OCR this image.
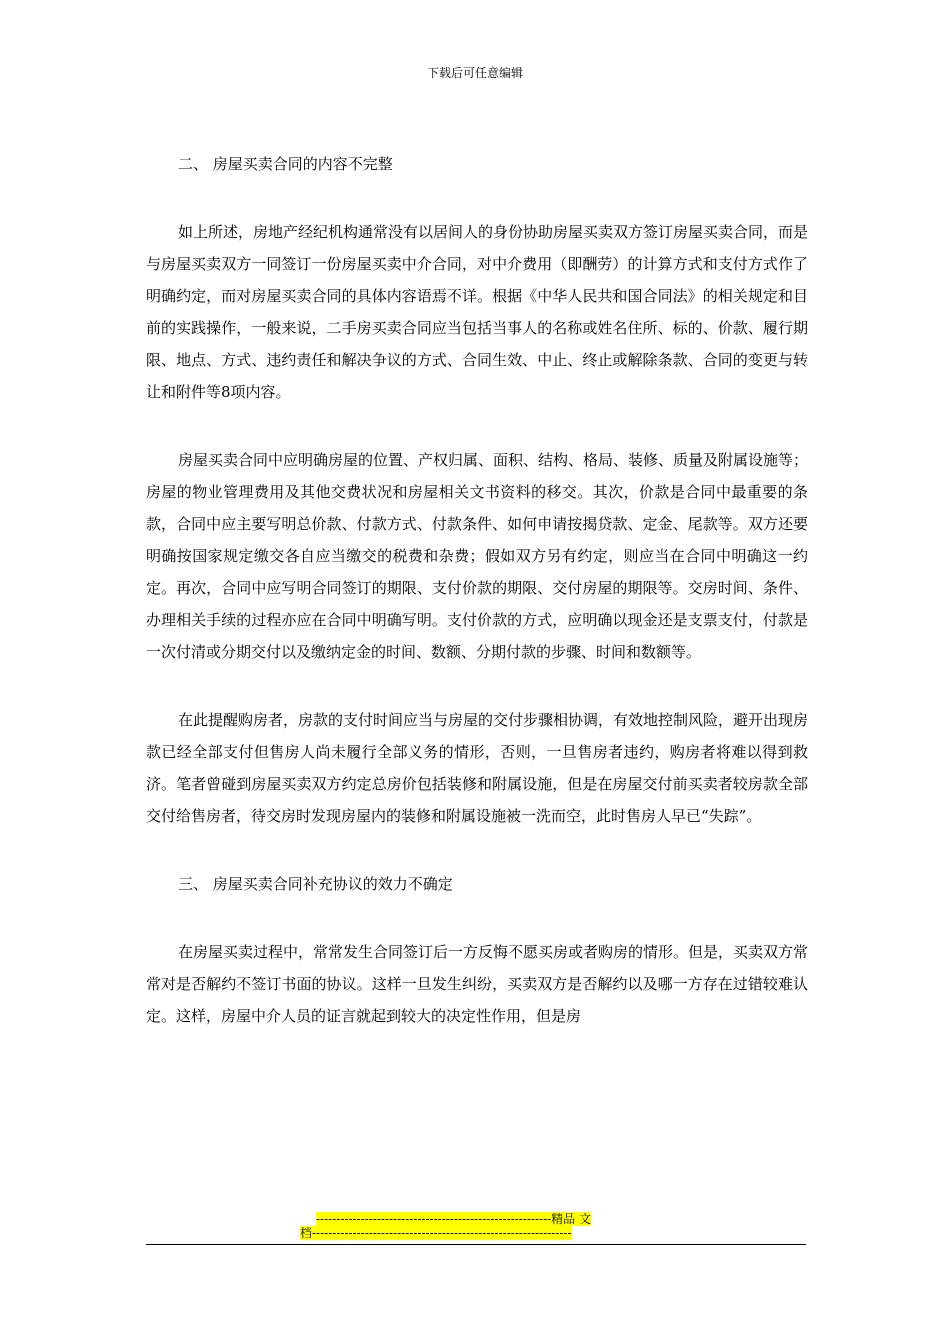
下载后可任意编辑
二、 房屋买卖合同的内容不完整

如上所述，房地产经纪机构通常没有以居间人的身份协助房屋买卖双方签订房屋买卖合同，而是与房屋买卖双方一同签订一份房屋买卖中介合同，对中介费用（即酬劳）的计算方式和支付方式作了明确约定，而对房屋买卖合同的具体内容语焉不详。根据《中华人民共和国合同法》的相关规定和目前的实践操作，一般来说，二手房买卖合同应当包括当事人的名称或姓名住所、标的、价款、履行期限、地点、方式、违约责任和解决争议的方式、合同生效、中止、终止或解除条款、合同的变更与转让和附件等8项内容。

房屋买卖合同中应明确房屋的位置、产权归属、面积、结构、格局、装修、质量及附属设施等；房屋的物业管理费用及其他交费状况和房屋相关文书资料的移交。其次，价款是合同中最重要的条款，合同中应主要写明总价款、付款方式、付款条件、如何申请按揭贷款、定金、尾款等。双方还要明确按国家规定缴交各自应当缴交的税费和杂费；假如双方另有约定，则应当在合同中明确这一约定。再次，合同中应写明合同签订的期限、支付价款的期限、交付房屋的期限等。交房时间、条件、办理相关手续的过程亦应在合同中明确写明。支付价款的方式，应明确以现金还是支票支付，付款是一次付清或分期交付以及缴纳定金的时间、数额、分期付款的步骤、时间和数额等。

在此提醒购房者，房款的支付时间应当与房屋的交付步骤相协调，有效地控制风险，避开出现房款已经全部支付但售房人尚未履行全部义务的情形，否则，一旦售房者违约，购房者将难以得到救济。笔者曾碰到房屋买卖双方约定总房价包括装修和附属设施，但是在房屋交付前买卖者较房款全部交付给售房者，待交房时发现房屋内的装修和附属设施被一洗而空，此时售房人早已“失踪”。

三、 房屋买卖合同补充协议的效力不确定

在房屋买卖过程中，常常发生合同签订后一方反悔不愿买房或者购房的情形。但是，买卖双方常常对是否解约不签订书面的协议。这样一旦发生纠纷，买卖双方是否解约以及哪一方存在过错较难认定。这样，房屋中介人员的证言就起到较大的决定性作用，但是房

----------------------------------------------------------精品 文
档----------------------------------------------------------------
